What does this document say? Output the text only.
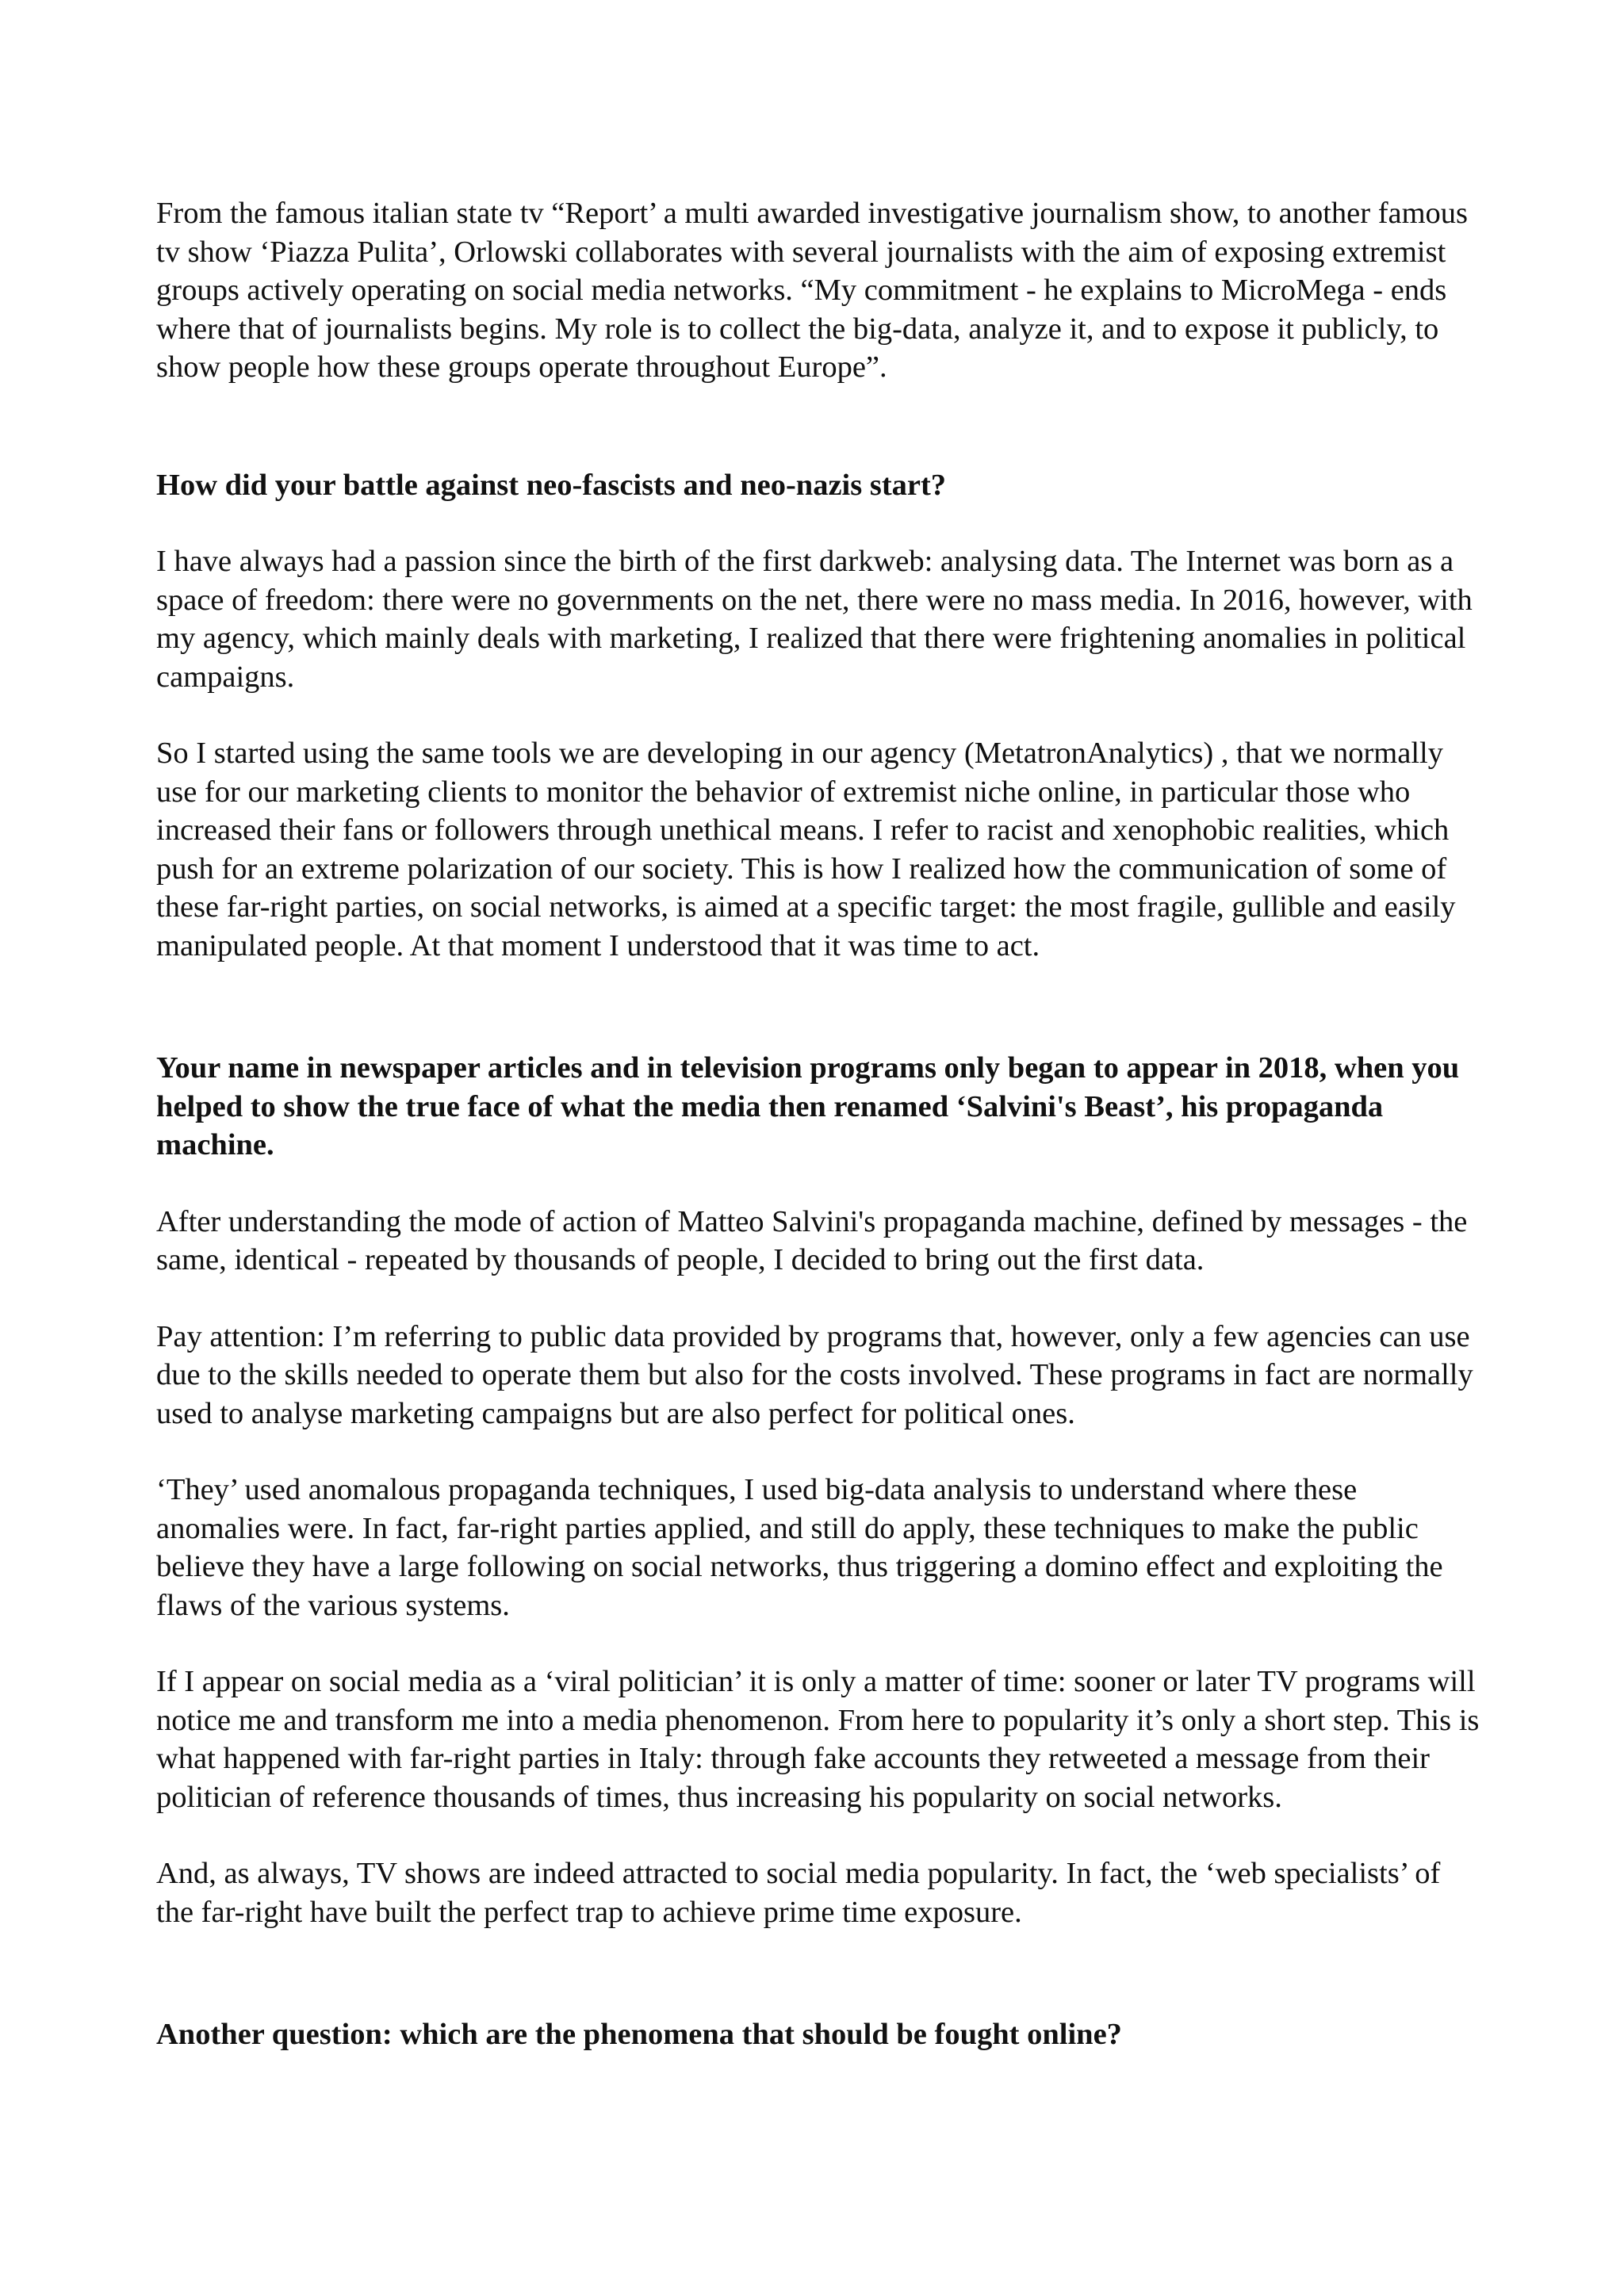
From the famous italian state tv “Report’ a multi awarded investigative journalism show, to another famous tv show ‘Piazza Pulita’, Orlowski collaborates with several journalists with the aim of exposing extremist groups actively operating on social media networks. “My commitment - he explains to MicroMega - ends where that of journalists begins. My role is to collect the big-data, analyze it, and to expose it publicly, to show people how these groups operate throughout Europe”.

How did your battle against neo-fascists and neo-nazis start?

I have always had a passion since the birth of the first darkweb: analysing data. The Internet was born as a space of freedom: there were no governments on the net, there were no mass media. In 2016, however, with my agency, which mainly deals with marketing, I realized that there were frightening anomalies in political campaigns.

So I started using the same tools we are developing in our agency (MetatronAnalytics) , that we normally use for our marketing clients to monitor the behavior of extremist niche online, in particular those who increased their fans or followers through unethical means. I refer to racist and xenophobic realities, which push for an extreme polarization of our society. This is how I realized how the communication of some of these far-right parties, on social networks, is aimed at a specific target: the most fragile, gullible and easily manipulated people. At that moment I understood that it was time to act.

Your name in newspaper articles and in television programs only began to appear in 2018, when you helped to show the true face of what the media then renamed ‘Salvini's Beast’, his propaganda machine.

After understanding the mode of action of Matteo Salvini's propaganda machine, defined by messages - the same, identical - repeated by thousands of people, I decided to bring out the first data.

Pay attention: I’m referring to public data provided by programs that, however, only a few agencies can use due to the skills needed to operate them but also for the costs involved. These programs in fact are normally used to analyse marketing campaigns but are also perfect for political ones.

‘They’ used anomalous propaganda techniques, I used big-data analysis to understand where these anomalies were. In fact, far-right parties applied, and still do apply, these techniques to make the public believe they have a large following on social networks, thus triggering a domino effect and exploiting the flaws of the various systems.

If I appear on social media as a ‘viral politician’ it is only a matter of time: sooner or later TV programs will notice me and transform me into a media phenomenon. From here to popularity it’s only a short step. This is what happened with far-right parties in Italy: through fake accounts they retweeted a message from their politician of reference thousands of times, thus increasing his popularity on social networks.

And, as always, TV shows are indeed attracted to social media popularity. In fact, the ‘web specialists’ of the far-right have built the perfect trap to achieve prime time exposure.

Another question: which are the phenomena that should be fought online?
